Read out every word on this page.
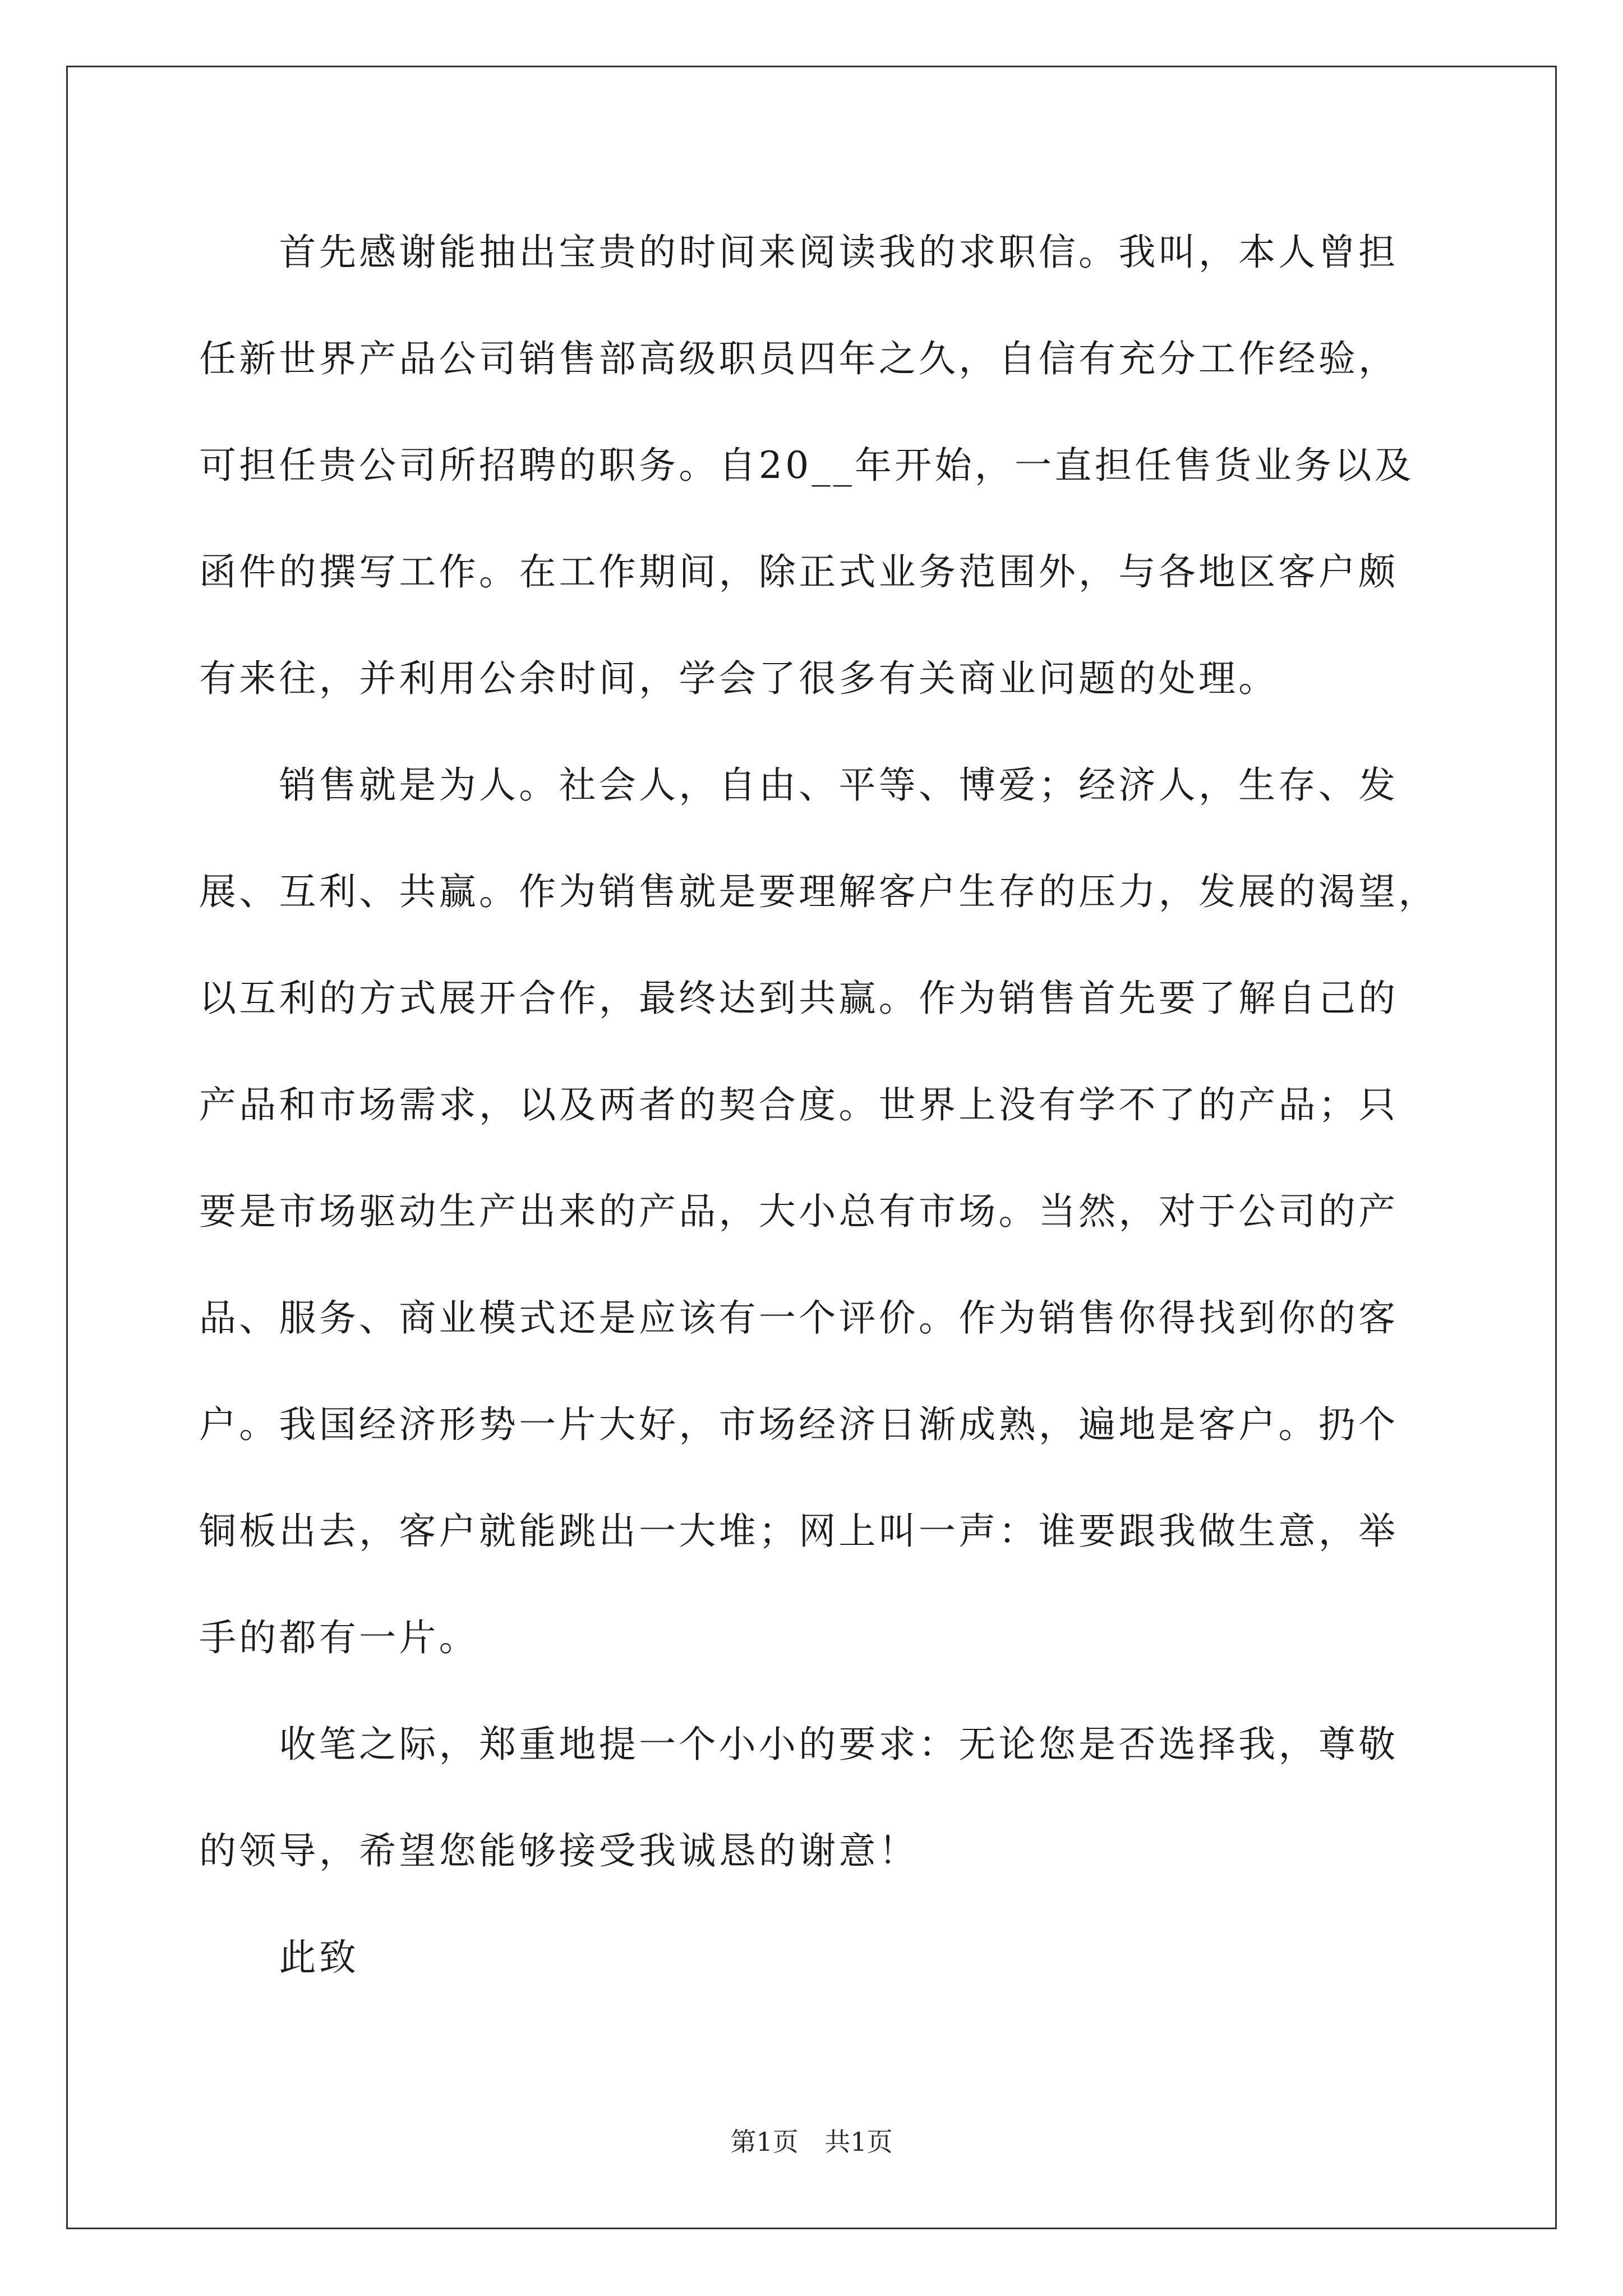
　　首先感谢能抽出宝贵的时间来阅读我的求职信。我叫，本人曾担
任新世界产品公司销售部高级职员四年之久，自信有充分工作经验，
可担任贵公司所招聘的职务。自20__年开始，一直担任售货业务以及
函件的撰写工作。在工作期间，除正式业务范围外，与各地区客户颇
有来往，并利用公余时间，学会了很多有关商业问题的处理。
　　销售就是为人。社会人，自由、平等、博爱；经济人，生存、发
展、互利、共赢。作为销售就是要理解客户生存的压力，发展的渴望，
以互利的方式展开合作，最终达到共赢。作为销售首先要了解自己的
产品和市场需求，以及两者的契合度。世界上没有学不了的产品；只
要是市场驱动生产出来的产品，大小总有市场。当然，对于公司的产
品、服务、商业模式还是应该有一个评价。作为销售你得找到你的客
户。我国经济形势一片大好，市场经济日渐成熟，遍地是客户。扔个
铜板出去，客户就能跳出一大堆；网上叫一声：谁要跟我做生意，举
手的都有一片。
　　收笔之际，郑重地提一个小小的要求：无论您是否选择我，尊敬
的领导，希望您能够接受我诚恳的谢意！
　　此致
第1页 共1页
